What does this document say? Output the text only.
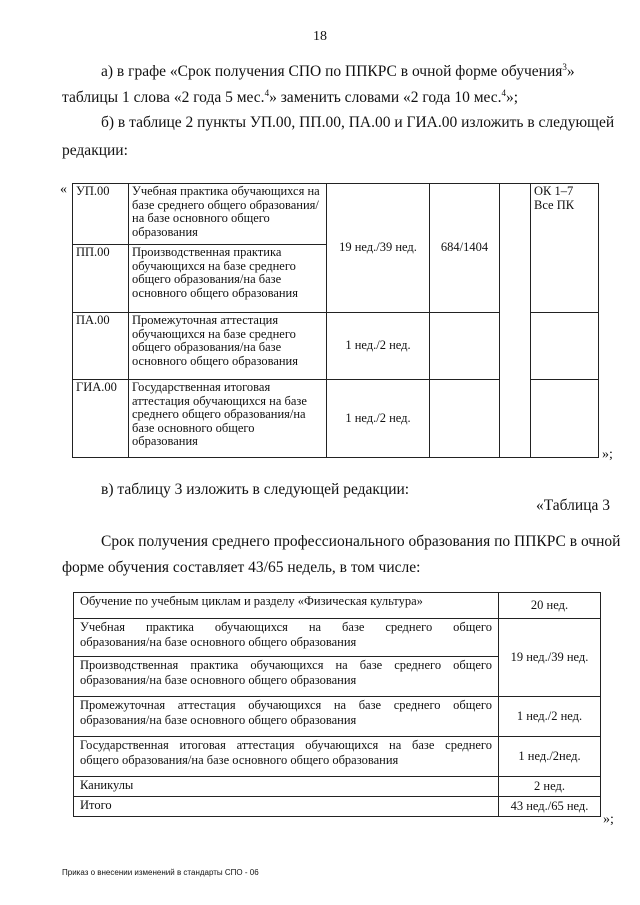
18
а) в графе «Срок получения СПО по ППКРС в очной форме обучения$^3$»
таблицы 1 слова «2 года 5 мес.$^4$» заменить словами «2 года 10 мес.$^4$»;
б) в таблице 2 пункты УП.00, ПП.00, ПА.00 и ГИА.00 изложить в следующей
редакции:
«
»;
УП.00	Учебная практика обучающихся на базе среднего общего образования/на базе основного общего образования	19 нед./39 нед.	684/1404		ОК 1–7
Все ПК

ПП.00	Производственная практика обучающихся на базе среднего общего образования/на базе основного общего образования				
ПА.00	Промежуточная аттестация обучающихся на базе среднего общего образования/на базе основного общего образования	1 нед./2 нед.			
ГИА.00	Государственная итоговая аттестация обучающихся на базе среднего общего образования/на базе основного общего образования	1 нед./2 нед.			
в) таблицу 3 изложить в следующей редакции:
«Таблица 3
Срок получения среднего профессионального образования по ППКРС в очной
форме обучения составляет 43/65 недель, в том числе:
Обучение по учебным циклам и разделу «Физическая культура»	20 нед.

Учебная практика обучающихся на базе среднего общего
образования/на базе основного общего образования	19 нед./39 нед.

Производственная практика обучающихся на базе среднего общего
образования/на базе основного общего образования	

Промежуточная аттестация обучающихся на базе среднего общего
образования/на базе основного общего образования	1 нед./2 нед.

Государственная итоговая аттестация обучающихся на базе среднего
общего образования/на базе основного общего образования	1 нед./2нед.
Каникулы	2 нед.
Итого	43 нед./65 нед.
»;
Приказ о внесении изменений в стандарты СПО - 06
